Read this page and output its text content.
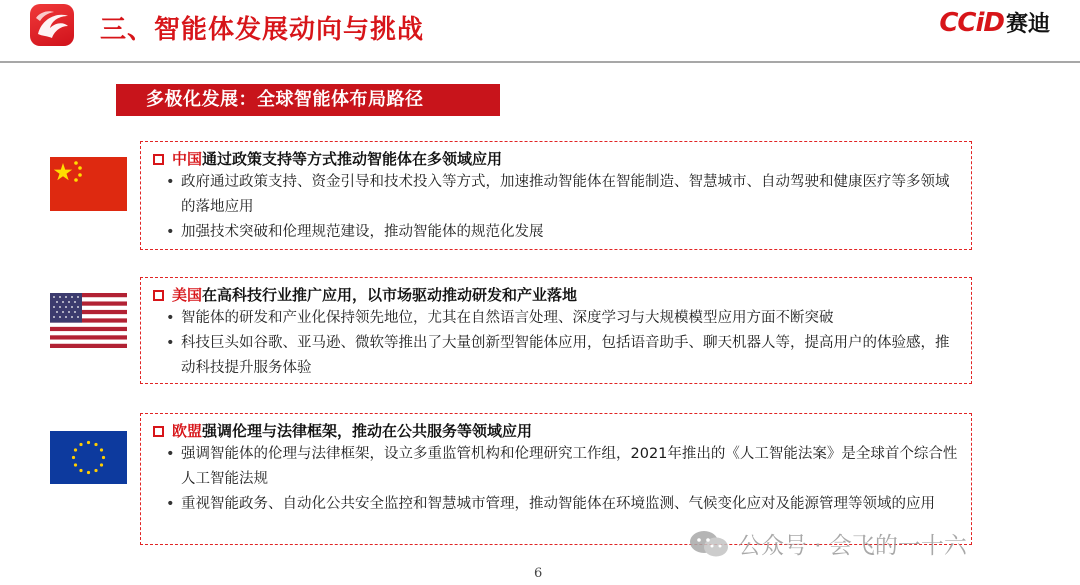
三、智能体发展动向与挑战	CCiD 赛迪
多极化发展：全球智能体布局路径
中国 通过政策支持等方式推动智能体在多领域应用
• 政府通过政策支持、资金引导和技术投入等方式，加速推动智能体在智能制造、智慧城市、自动驾驶和健康医疗等多领域的落地应用
• 加强技术突破和伦理规范建设，推动智能体的规范化发展
美国 在高科技行业推广应用，以市场驱动推动研发和产业落地
• 智能体的研发和产业化保持领先地位，尤其在自然语言处理、深度学习与大规模模型应用方面不断突破
• 科技巨头如谷歌、亚马逊、微软等推出了大量创新型智能体应用，包括语音助手、聊天机器人等，提高用户的体验感，推动科技提升服务体验
欧盟 强调伦理与法律框架，推动在公共服务等领域应用
• 强调智能体的伦理与法律框架，设立多重监管机构和伦理研究工作组，2021年推出的《人工智能法案》是全球首个综合性人工智能法规
• 重视智能政务、自动化公共安全监控和智慧城市管理，推动智能体在环境监测、气候变化应对及能源管理等领域的应用
公众号 · 会飞的一十六
6
